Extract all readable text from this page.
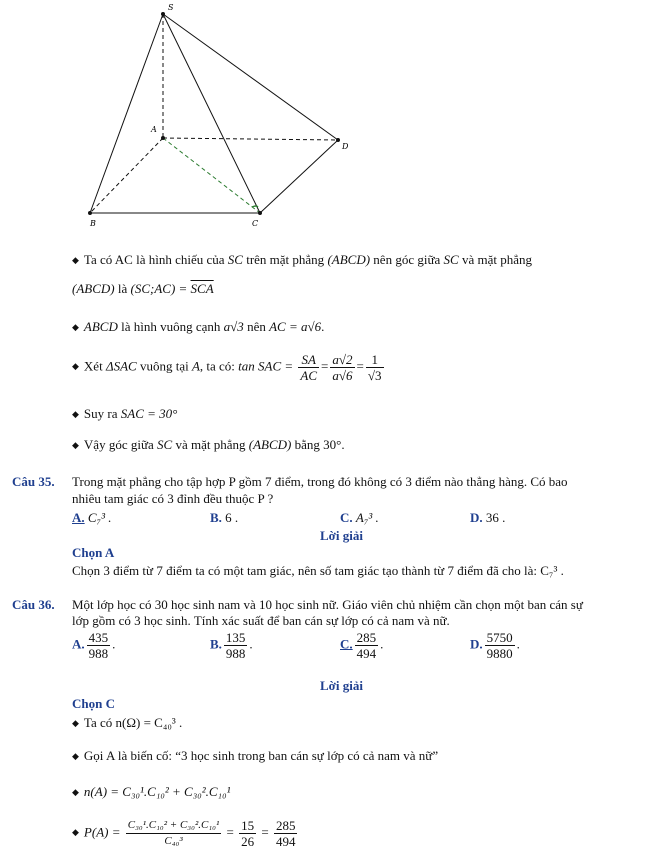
S
A
B	C
D
◆ Ta có AC là hình chiếu của SC trên mặt phẳng (ABCD) nên góc giữa SC và mặt phẳng
(ABCD) là (SC;AC) = $\overline{SCA}$
◆ ABCD là hình vuông cạnh a√3 nên AC = a√6.
◆ Xét ΔSAC vuông tại A, ta có: tan SAC = $\frac{SA}{AC} = \frac{a√2}{a√6} = \frac{1}{√3}$
◆ Suy ra SAC = 30°
◆ Vậy góc giữa SC và mặt phẳng (ABCD) bằng 30°.
Câu 35. Trong mặt phẳng cho tập hợp P gồm 7 điểm, trong đó không có 3 điểm nào thẳng hàng. Có bao
nhiêu tam giác có 3 đỉnh đều thuộc P ?
A. C₇³ .	B. 6 .	C. A₇³ .	D. 36 .
Lời giải
Chọn A
Chọn 3 điểm từ 7 điểm ta có một tam giác, nên số tam giác tạo thành từ 7 điểm đã cho là: C₇³ .
Câu 36. Một lớp học có 30 học sinh nam và 10 học sinh nữ. Giáo viên chủ nhiệm cần chọn một ban cán sự
lớp gồm có 3 học sinh. Tính xác suất để ban cán sự lớp có cả nam và nữ.
A. $\frac{435}{988}$ .	B. $\frac{135}{988}$ .	C. $\frac{285}{494}$ .	D. $\frac{5750}{9880}$ .
Lời giải
Chọn C
◆ Ta có n(Ω) = C₄₀³ .
◆ Gọi A là biến cố: “3 học sinh trong ban cán sự lớp có cả nam và nữ”
◆ n(A) = C₃₀¹.C₁₀² + C₃₀².C₁₀¹
◆ $P(A) = \frac{\text{C₃₀¹.C₁₀² + C₃₀².C₁₀¹}}{\text{C₄₀³}} = \frac{15}{26} = \frac{285}{494}$
